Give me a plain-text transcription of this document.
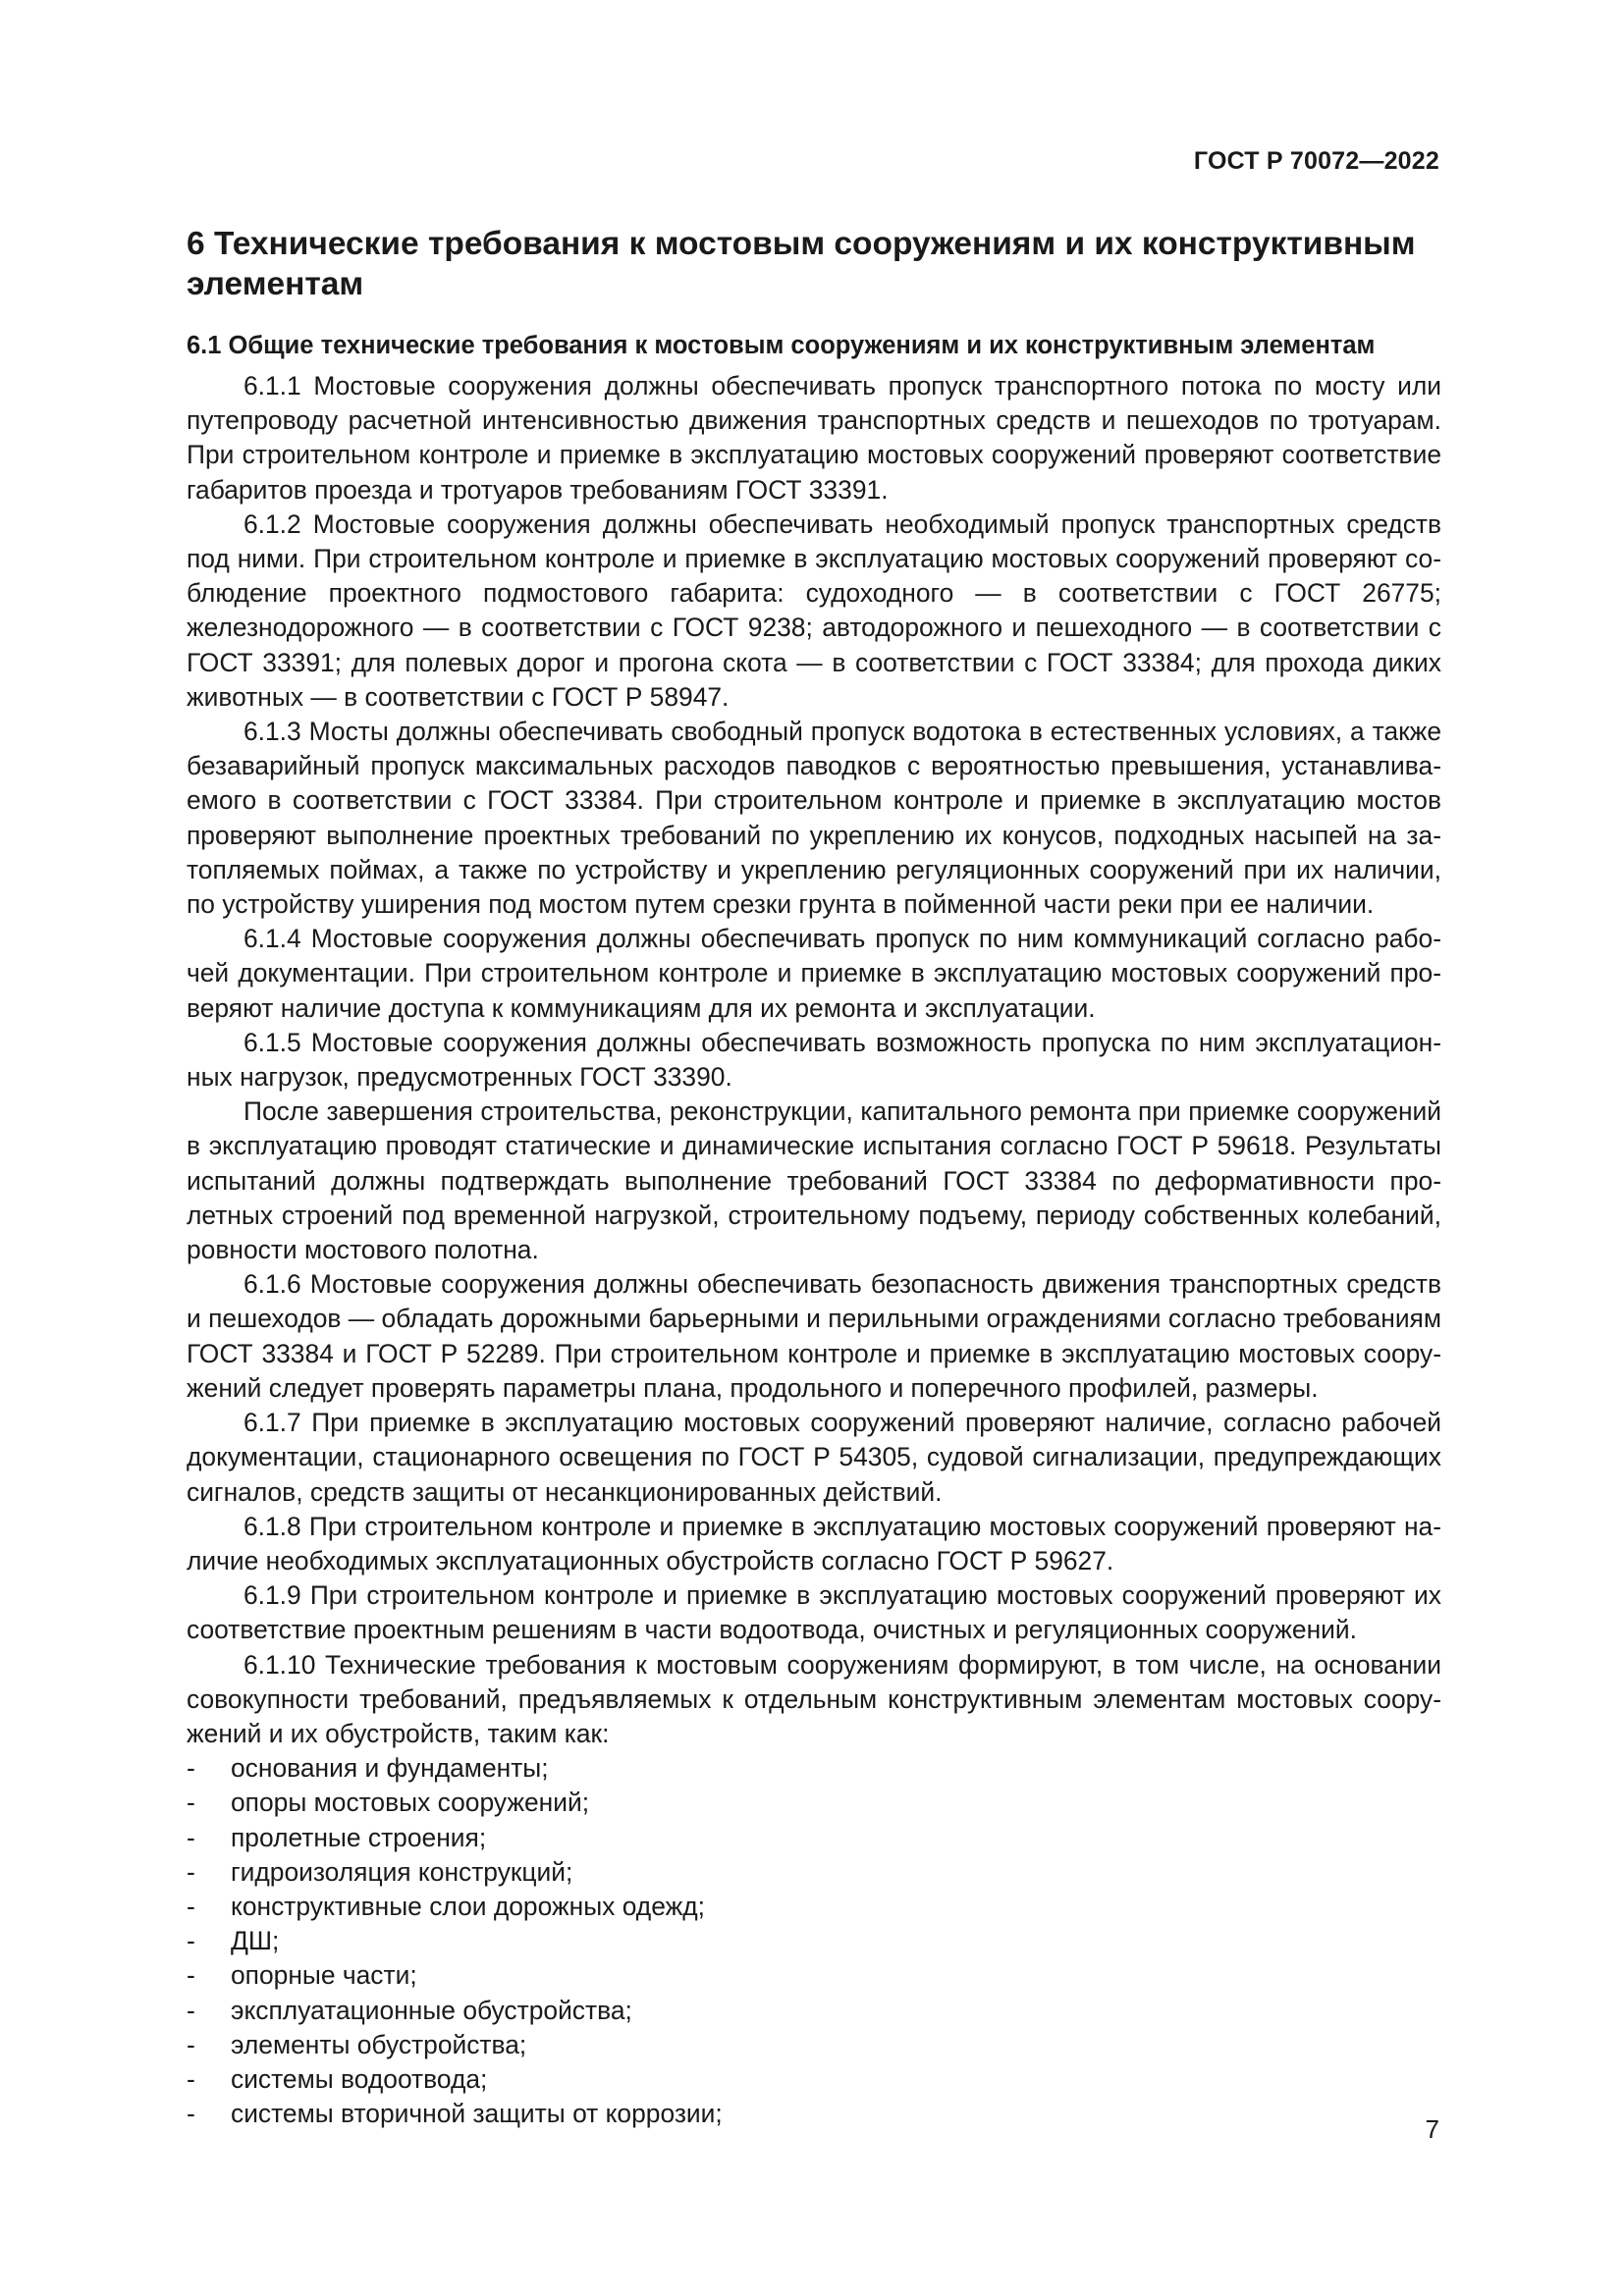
ГОСТ Р 70072—2022
6 Технические требования к мостовым сооружениям и их конструктивным элементам
6.1 Общие технические требования к мостовым сооружениям и их конструктивным элементам

6.1.1 Мостовые сооружения должны обеспечивать пропуск транспортного потока по мосту или путепроводу расчетной интенсивностью движения транспортных средств и пешеходов по тротуарам. При строительном контроле и приемке в эксплуатацию мостовых сооружений проверяют соответствие габаритов проезда и тротуаров требованиям ГОСТ 33391.

6.1.2 Мостовые сооружения должны обеспечивать необходимый пропуск транспортных средств под ними. При строительном контроле и приемке в эксплуатацию мостовых сооружений проверяют соблюдение проектного подмостового габарита: судоходного — в соответствии с ГОСТ 26775; железнодорожного — в соответствии с ГОСТ 9238; автодорожного и пешеходного — в соответствии с ГОСТ 33391; для полевых дорог и прогона скота — в соответствии с ГОСТ 33384; для прохода диких животных — в соответствии с ГОСТ Р 58947.

6.1.3 Мосты должны обеспечивать свободный пропуск водотока в естественных условиях, а также безаварийный пропуск максимальных расходов паводков с вероятностью превышения, устанавливаемого в соответствии с ГОСТ 33384. При строительном контроле и приемке в эксплуатацию мостов проверяют выполнение проектных требований по укреплению их конусов, подходных насыпей на затопляемых поймах, а также по устройству и укреплению регуляционных сооружений при их наличии, по устройству уширения под мостом путем срезки грунта в пойменной части реки при ее наличии.

6.1.4 Мостовые сооружения должны обеспечивать пропуск по ним коммуникаций согласно рабочей документации. При строительном контроле и приемке в эксплуатацию мостовых сооружений проверяют наличие доступа к коммуникациям для их ремонта и эксплуатации.

6.1.5 Мостовые сооружения должны обеспечивать возможность пропуска по ним эксплуатационных нагрузок, предусмотренных ГОСТ 33390.

После завершения строительства, реконструкции, капитального ремонта при приемке сооружений в эксплуатацию проводят статические и динамические испытания согласно ГОСТ Р 59618. Результаты испытаний должны подтверждать выполнение требований ГОСТ 33384 по деформативности пролетных строений под временной нагрузкой, строительному подъему, периоду собственных колебаний, ровности мостового полотна.

6.1.6 Мостовые сооружения должны обеспечивать безопасность движения транспортных средств и пешеходов — обладать дорожными барьерными и перильными ограждениями согласно требованиям ГОСТ 33384 и ГОСТ Р 52289. При строительном контроле и приемке в эксплуатацию мостовых сооружений следует проверять параметры плана, продольного и поперечного профилей, размеры.

6.1.7 При приемке в эксплуатацию мостовых сооружений проверяют наличие, согласно рабочей документации, стационарного освещения по ГОСТ Р 54305, судовой сигнализации, предупреждающих сигналов, средств защиты от несанкционированных действий.

6.1.8 При строительном контроле и приемке в эксплуатацию мостовых сооружений проверяют наличие необходимых эксплуатационных обустройств согласно ГОСТ Р 59627.

6.1.9 При строительном контроле и приемке в эксплуатацию мостовых сооружений проверяют их соответствие проектным решениям в части водоотвода, очистных и регуляционных сооружений.

6.1.10 Технические требования к мостовым сооружениям формируют, в том числе, на основании совокупности требований, предъявляемых к отдельным конструктивным элементам мостовых сооружений и их обустройств, таким как:

- основания и фундаменты;
- опоры мостовых сооружений;
- пролетные строения;
- гидроизоляция конструкций;
- конструктивные слои дорожных одежд;
- ДШ;
- опорные части;
- эксплуатационные обустройства;
- элементы обустройства;
- системы водоотвода;
- системы вторичной защиты от коррозии;
7
